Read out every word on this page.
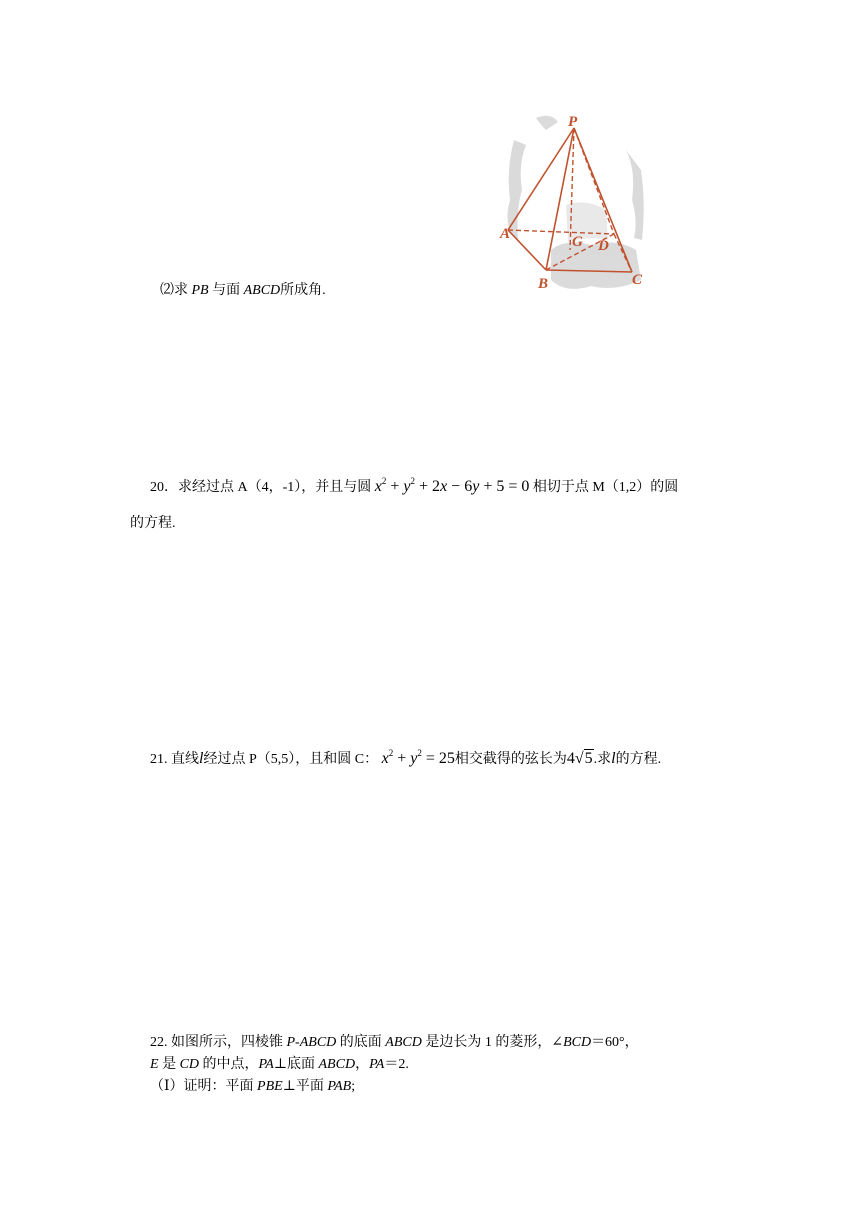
P
A
B	C
G D
⑵求 PB 与面 ABCD所成角.
20．求经过点 A（4，-1），并且与圆 $x^2 + y^2 + 2x - 6y + 5 = 0$ 相切于点 M（1,2）的圆
的方程.
21. 直线l经过点 P（5,5），且和圆 C： $x^2 + y^2 = 25$相交截得的弦长为4√5.求l的方程.
22. 如图所示，四棱锥 P-ABCD 的底面 ABCD 是边长为 1 的菱形，∠BCD＝60°，
E 是 CD 的中点，PA⊥底面 ABCD，PA＝2.
（Ⅰ）证明：平面 PBE⊥平面 PAB;
